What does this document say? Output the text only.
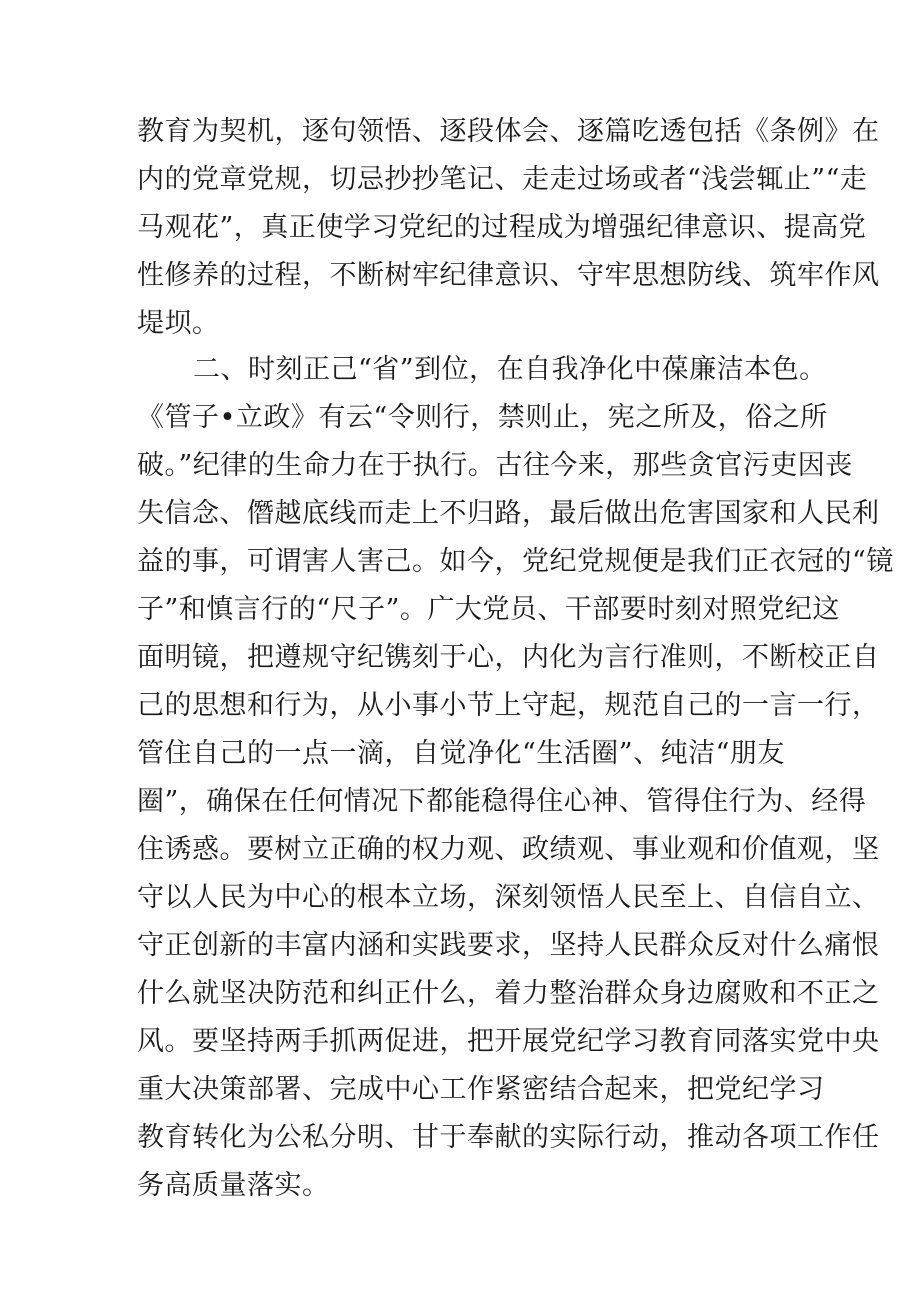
教育为契机，逐句领悟、逐段体会、逐篇吃透包括《条例》在
内的党章党规，切忌抄抄笔记、走走过场或者“浅尝辄止”“走
马观花”，真正使学习党纪的过程成为增强纪律意识、提高党
性修养的过程，不断树牢纪律意识、守牢思想防线、筑牢作风
堤坝。
二、时刻正己“省”到位，在自我净化中葆廉洁本色。
《管子•立政》有云“令则行，禁则止，宪之所及，俗之所
破。”纪律的生命力在于执行。古往今来，那些贪官污吏因丧
失信念、僭越底线而走上不归路，最后做出危害国家和人民利
益的事，可谓害人害己。如今，党纪党规便是我们正衣冠的“镜
子”和慎言行的“尺子”。广大党员、干部要时刻对照党纪这
面明镜，把遵规守纪镌刻于心，内化为言行准则，不断校正自
己的思想和行为，从小事小节上守起，规范自己的一言一行，
管住自己的一点一滴，自觉净化“生活圈”、纯洁“朋友
圈”，确保在任何情况下都能稳得住心神、管得住行为、经得
住诱惑。要树立正确的权力观、政绩观、事业观和价值观，坚
守以人民为中心的根本立场，深刻领悟人民至上、自信自立、
守正创新的丰富内涵和实践要求，坚持人民群众反对什么痛恨
什么就坚决防范和纠正什么，着力整治群众身边腐败和不正之
风。要坚持两手抓两促进，把开展党纪学习教育同落实党中央
重大决策部署、完成中心工作紧密结合起来，把党纪学习
教育转化为公私分明、甘于奉献的实际行动，推动各项工作任
务高质量落实。
